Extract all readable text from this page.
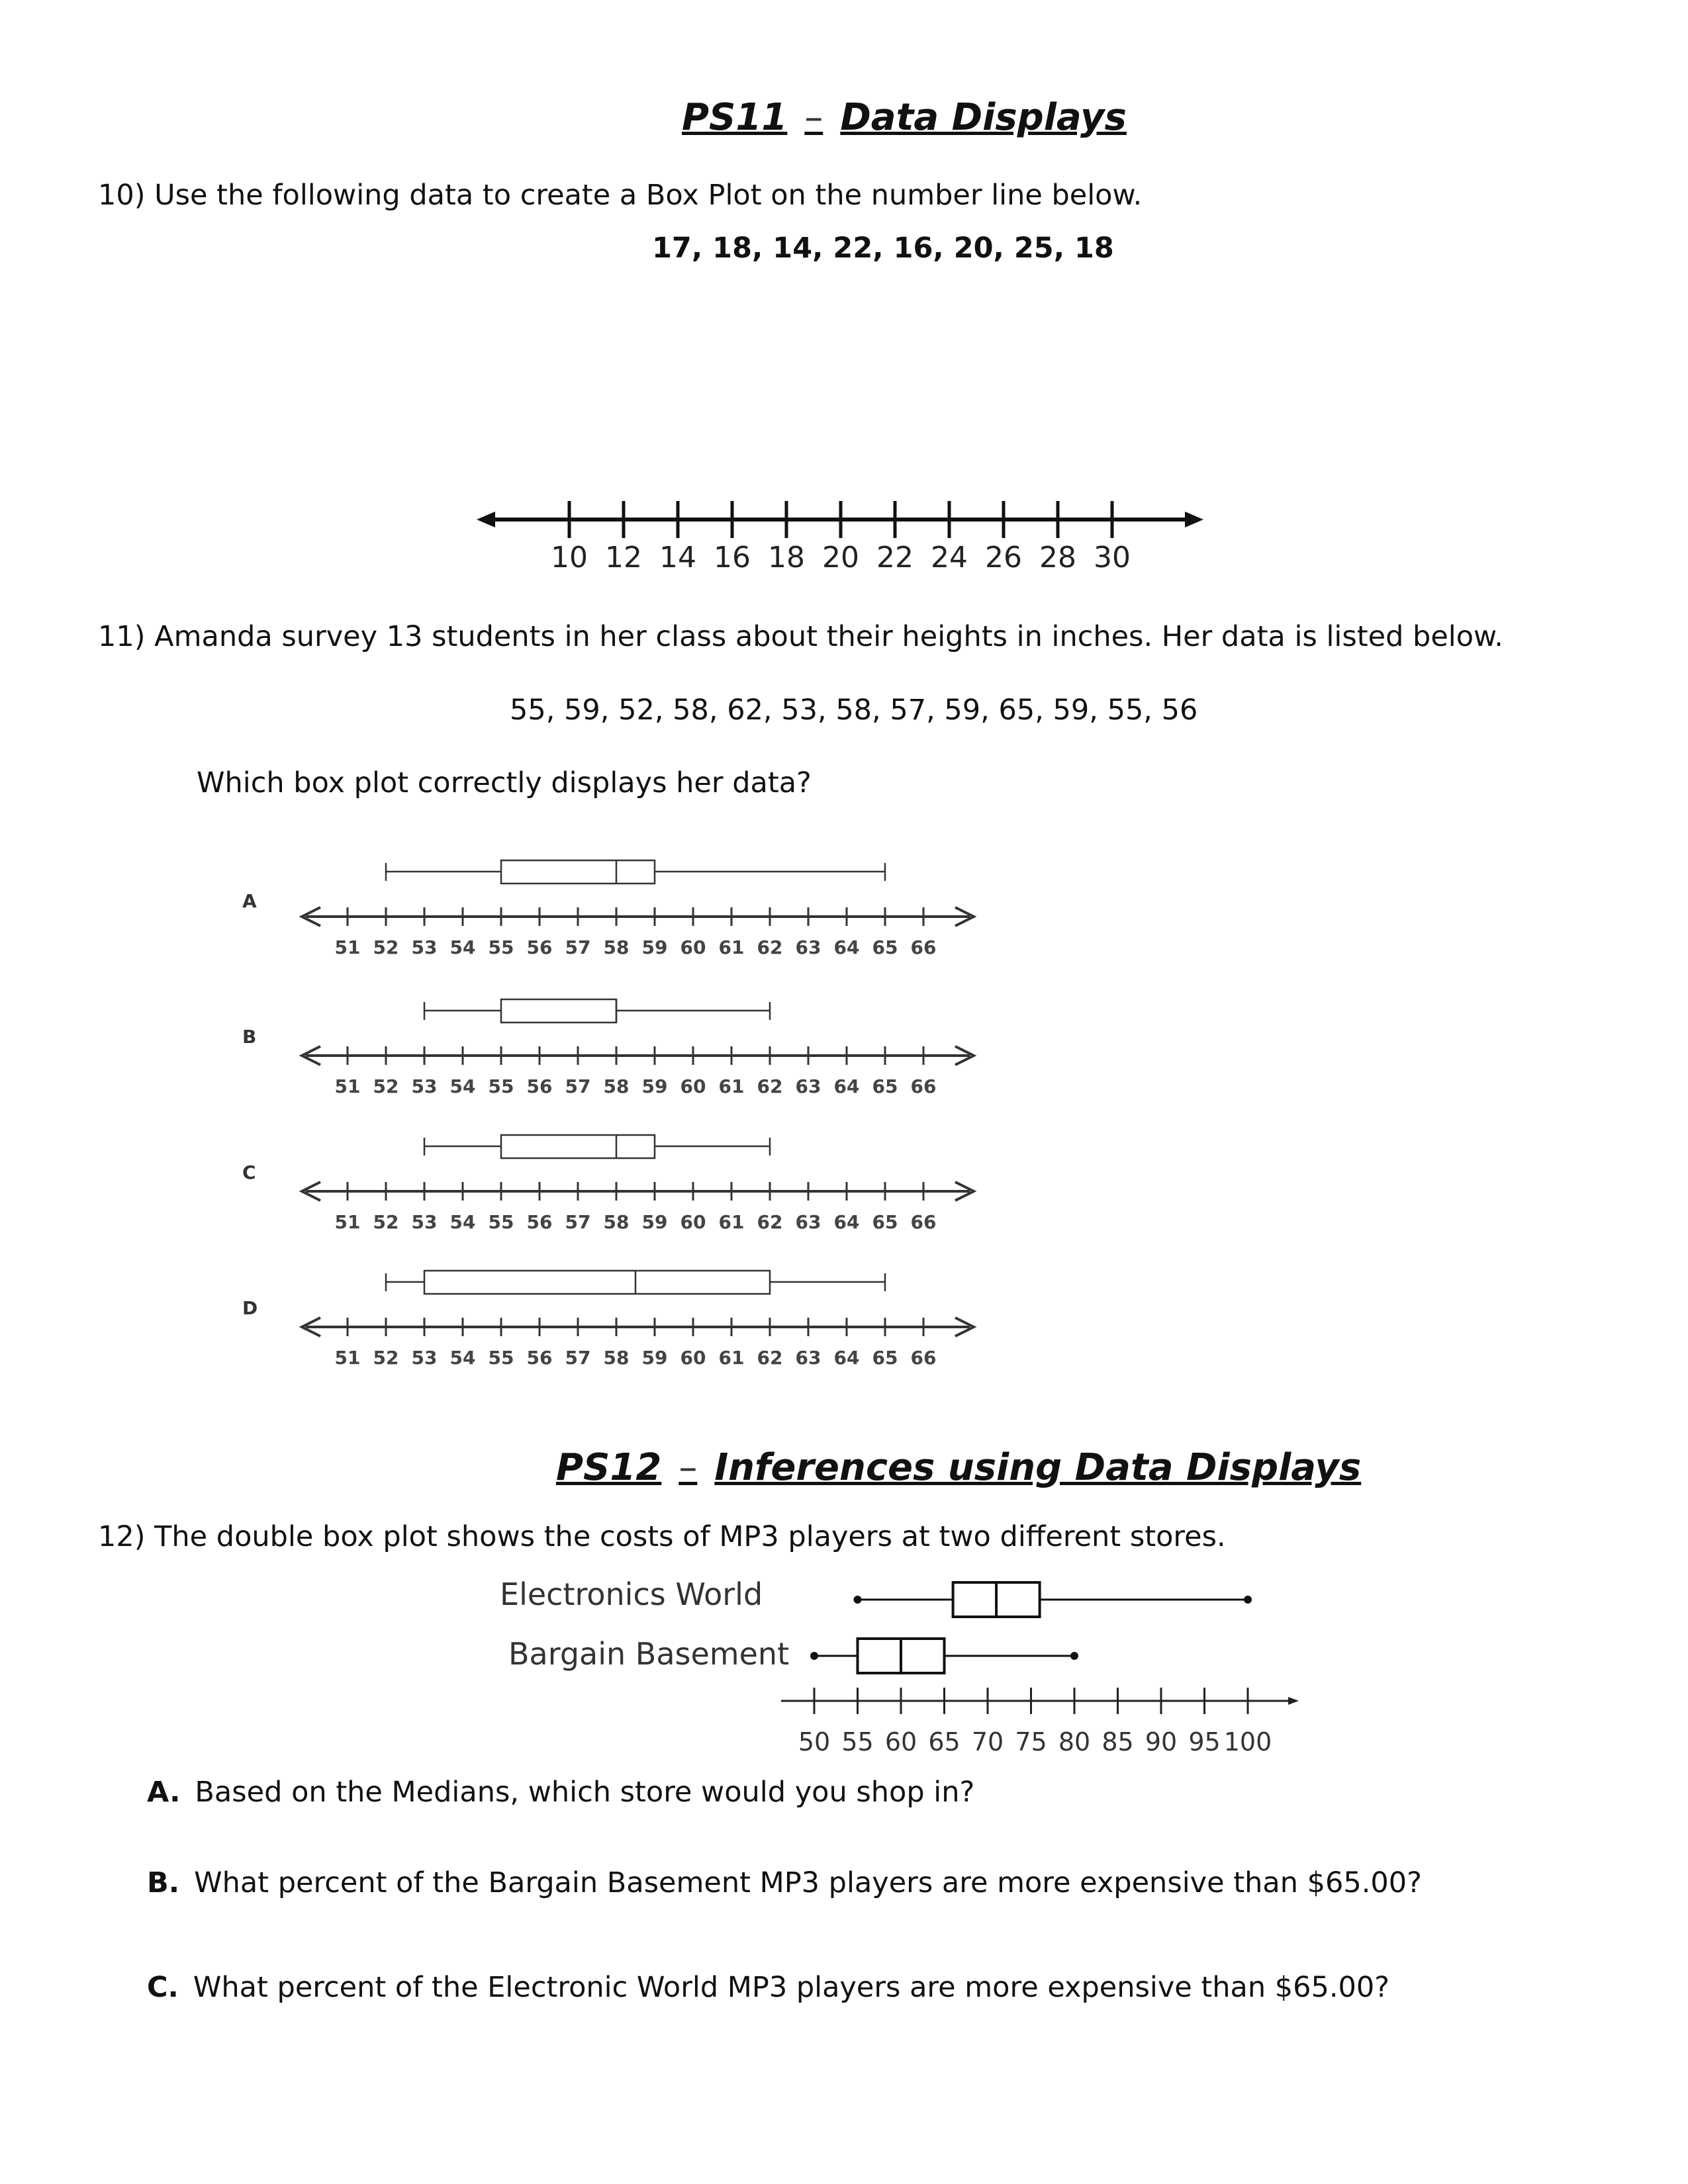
PS11 – Data Displays
10) Use the following data to create a Box Plot on the number line below.
17, 18, 14, 22, 16, 20, 25, 18
10 12 14 16 18 20 22 24 26 28 30
11) Amanda survey 13 students in her class about their heights in inches. Her data is listed below.
55, 59, 52, 58, 62, 53, 58, 57, 59, 65, 59, 55, 56
Which box plot correctly displays her data?
A
51 52 53 54 55 56 57 58 59 60 61 62 63 64 65 66
B
51 52 53 54 55 56 57 58 59 60 61 62 63 64 65 66
C
51 52 53 54 55 56 57 58 59 60 61 62 63 64 65 66
D
51 52 53 54 55 56 57 58 59 60 61 62 63 64 65 66
PS12 – Inferences using Data Displays
12) The double box plot shows the costs of MP3 players at two different stores.
Electronics World
Bargain Basement
50 55 60 65 70 75 80 85 90 95 100
A. Based on the Medians, which store would you shop in?
B. What percent of the Bargain Basement MP3 players are more expensive than $65.00?
C. What percent of the Electronic World MP3 players are more expensive than $65.00?
